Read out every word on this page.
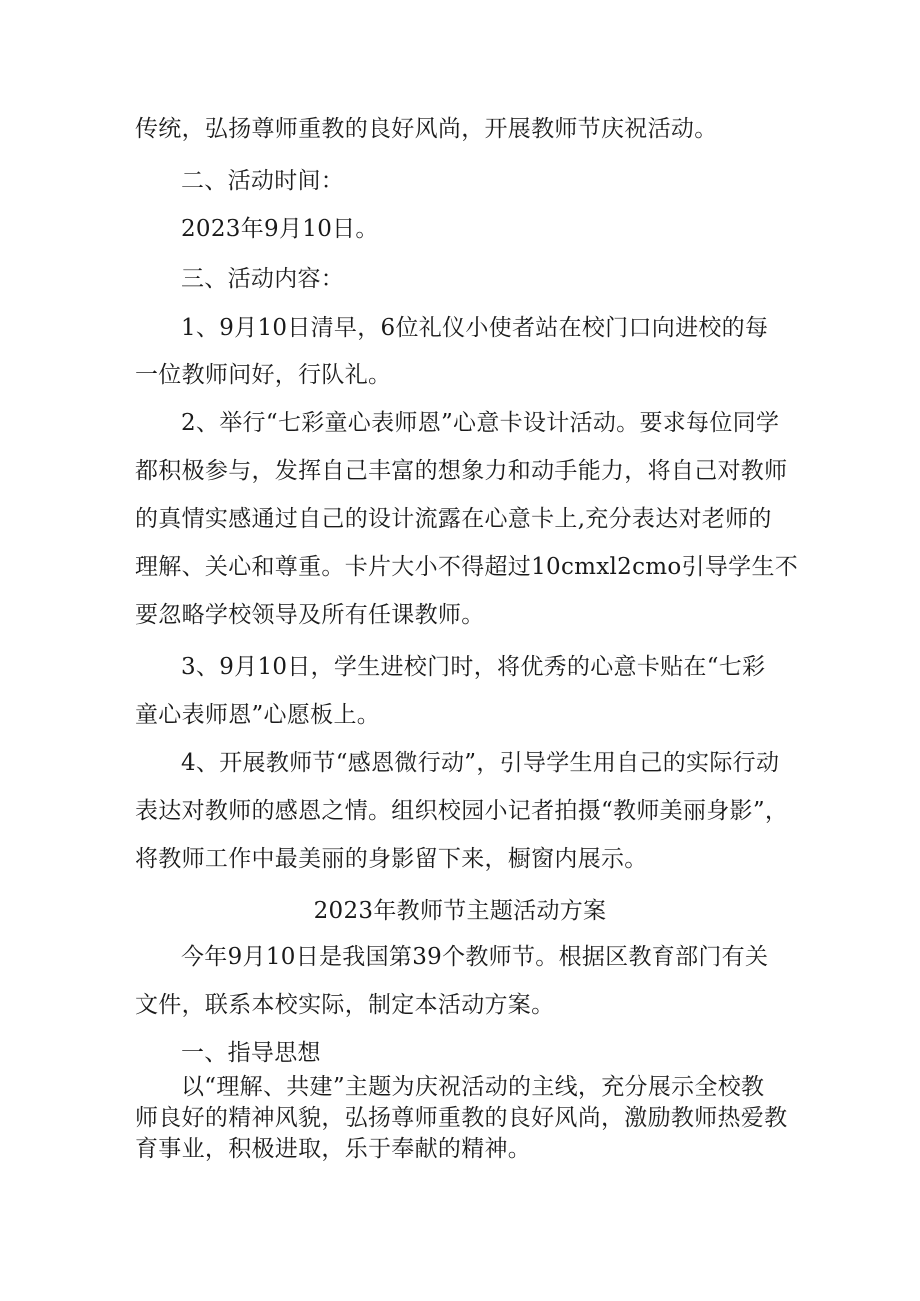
传统，弘扬尊师重教的良好风尚，开展教师节庆祝活动。
二、活动时间：
2023年9月10日。
三、活动内容：
1、9月10日清早，6位礼仪小使者站在校门口向进校的每
一位教师问好，行队礼。
2、举行“七彩童心表师恩”心意卡设计活动。要求每位同学
都积极参与，发挥自己丰富的想象力和动手能力，将自己对教师
的真情实感通过自己的设计流露在心意卡上,充分表达对老师的
理解、关心和尊重。卡片大小不得超过10cmxl2cmo引导学生不
要忽略学校领导及所有任课教师。
3、9月10日，学生进校门时，将优秀的心意卡贴在“七彩
童心表师恩”心愿板上。
4、开展教师节“感恩微行动”，引导学生用自己的实际行动
表达对教师的感恩之情。组织校园小记者拍摄“教师美丽身影”，
将教师工作中最美丽的身影留下来，橱窗内展示。
2023年教师节主题活动方案
今年9月10日是我国第39个教师节。根据区教育部门有关
文件，联系本校实际，制定本活动方案。
一、指导思想
以“理解、共建”主题为庆祝活动的主线，充分展示全校教
师良好的精神风貌，弘扬尊师重教的良好风尚，激励教师热爱教
育事业，积极进取，乐于奉献的精神。
